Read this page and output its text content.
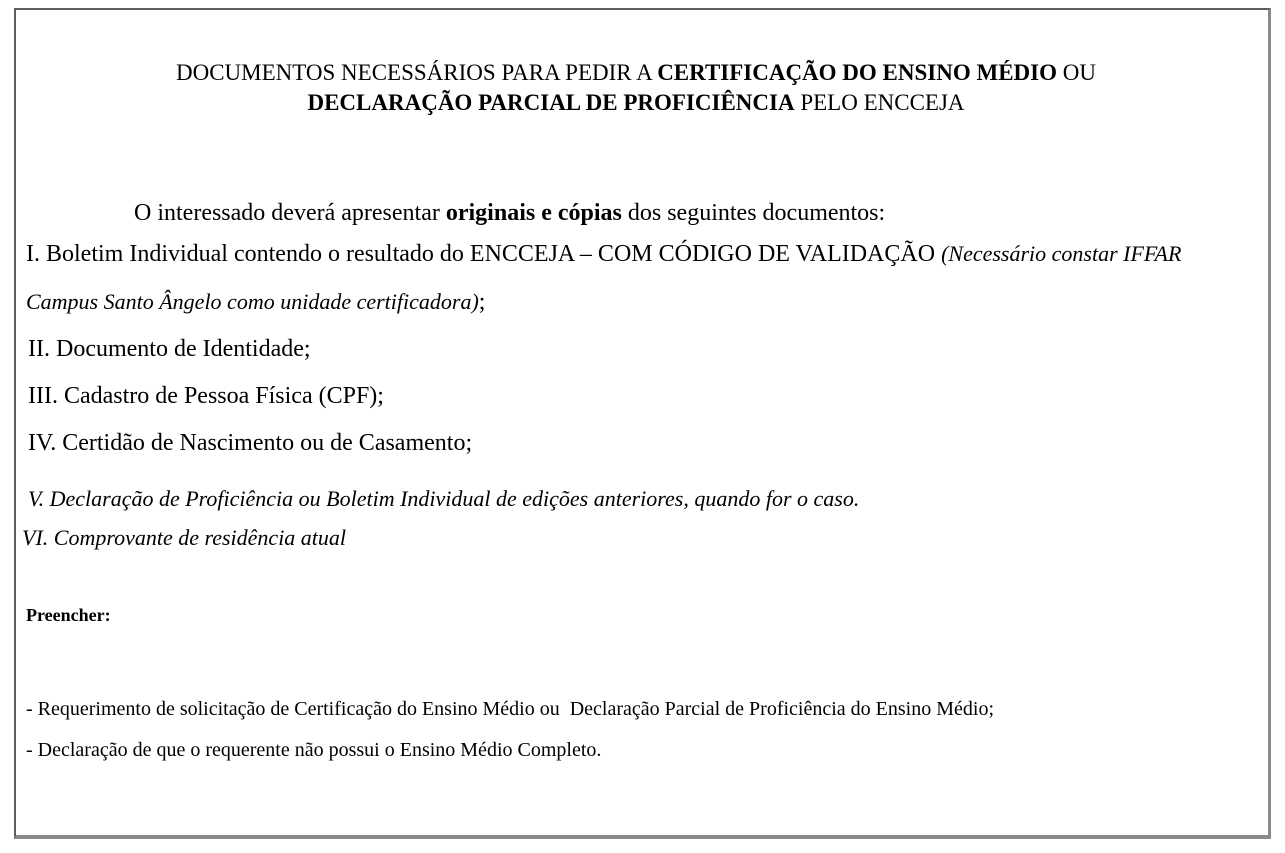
DOCUMENTOS NECESSÁRIOS PARA PEDIR A CERTIFICAÇÃO DO ENSINO MÉDIO OU
DECLARAÇÃO PARCIAL DE PROFICIÊNCIA PELO ENCCEJA

O interessado deverá apresentar originais e cópias dos seguintes documentos:

I. Boletim Individual contendo o resultado do ENCCEJA – COM CÓDIGO DE VALIDAÇÃO (Necessário constar IFFAR Campus Santo Ângelo como unidade certificadora);

II. Documento de Identidade;

III. Cadastro de Pessoa Física (CPF);

IV. Certidão de Nascimento ou de Casamento;

V. Declaração de Proficiência ou Boletim Individual de edições anteriores, quando for o caso.

VI. Comprovante de residência atual

Preencher:

- Requerimento de solicitação de Certificação do Ensino Médio ou  Declaração Parcial de Proficiência do Ensino Médio;

- Declaração de que o requerente não possui o Ensino Médio Completo.
